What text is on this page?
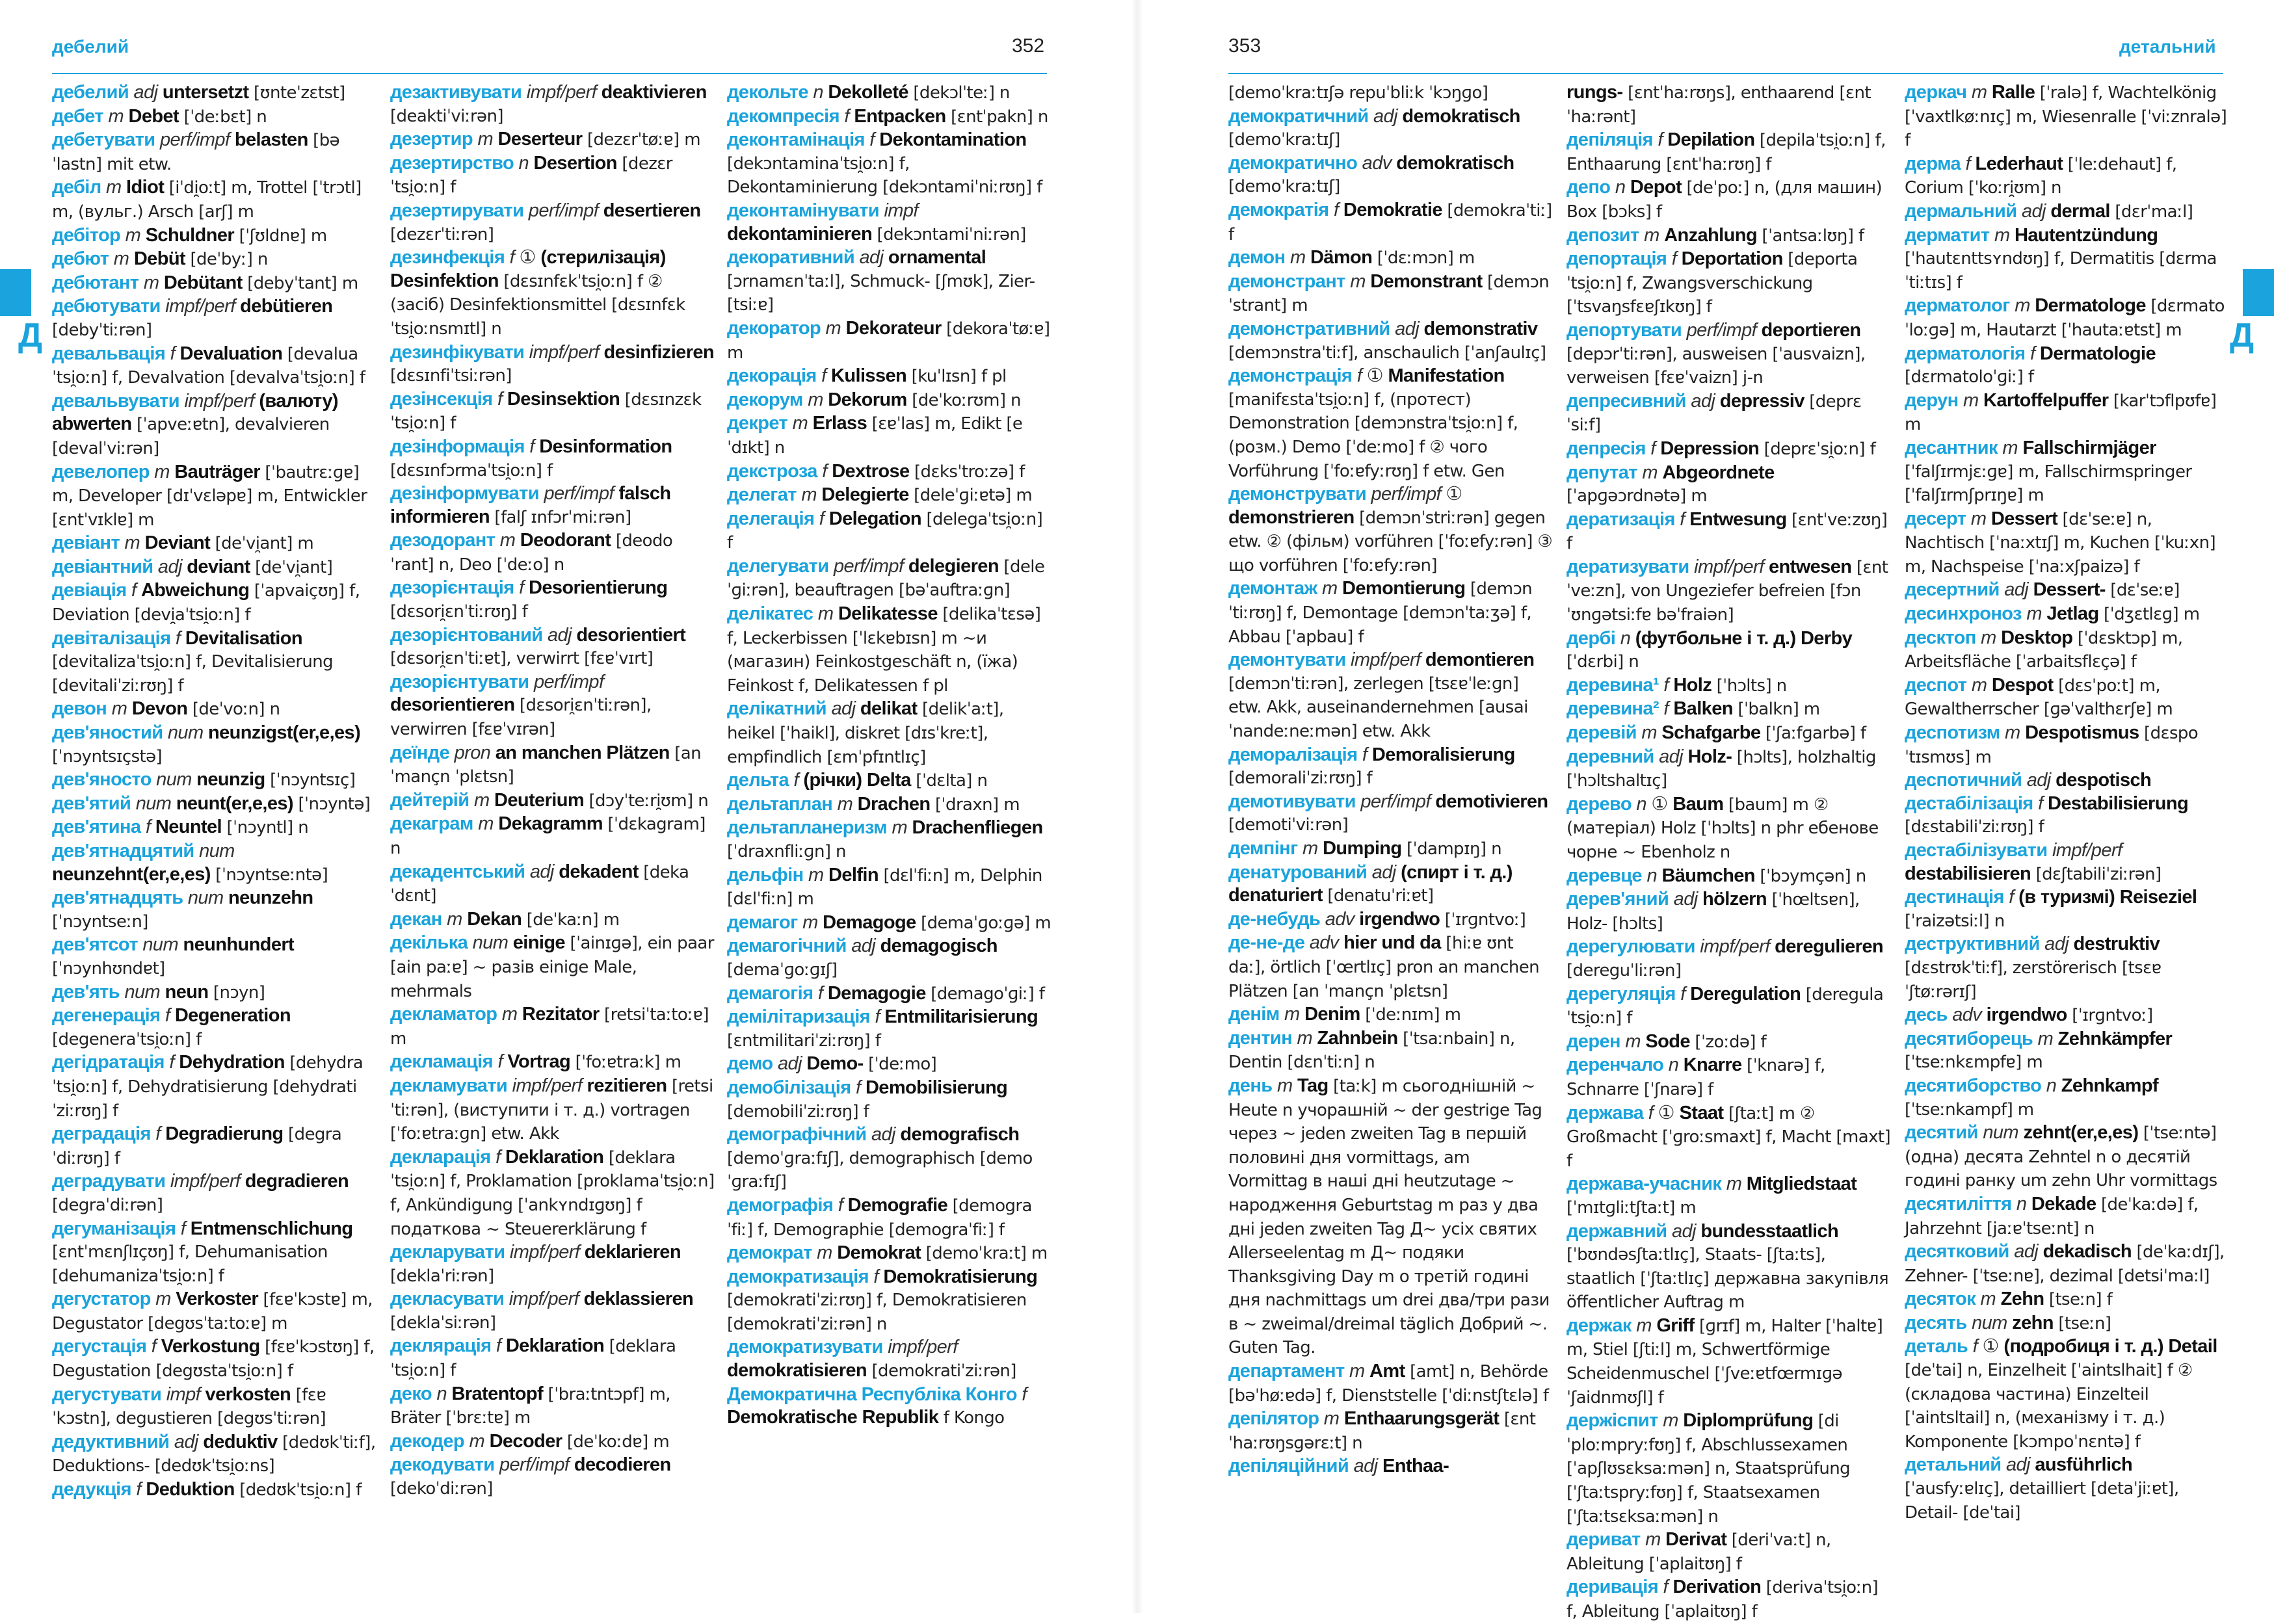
дебелий	352
Д

дебелий adj untersetzt [ʊnteˈzɛtst]

дебет m Debet [ˈdeːbɛt] n

дебетувати perf/impf belasten [bəˈlastn] mit etw.

дебіл m Idiot [iˈdi̯oːt] m, Trottel [ˈtrɔtl] m, (вульг.) Arsch [arʃ] m

дебітор m Schuldner [ˈʃʊldnɐ] m

дебют m Debüt [deˈbyː] n

дебютант m Debütant [debyˈtant] m

дебютувати impf/perf debütieren [debyˈtiːrən]

девальвація f Devaluation [devaluaˈtsi̯oːn] f, Devalvation [devalvaˈtsi̯oːn] f

девальвувати impf/perf (валюту) abwerten [ˈapveːɐtn], devalvieren [devalˈviːrən]

девелопер m Bauträger [ˈbautrɛːɡɐ] m, Developer [dɪˈvɛləpɐ] m, Entwickler [ɛntˈvɪklɐ] m

девіант m Deviant [deˈvi̯ant] m

девіантний adj deviant [deˈvi̯ant]

девіація f Abweichung [ˈapvaiçʊŋ] f, Deviation [devi̯aˈtsi̯oːn] f

девіталізація f Devitalisation [devitalizaˈtsi̯oːn] f, Devitalisierung [devitaliˈziːrʊŋ] f

девон m Devon [deˈvoːn] n

дев'яностий num neunzigst(er,e,es) [ˈnɔyntsɪçstə]

дев'яносто num neunzig [ˈnɔyntsɪç]

дев'ятий num neunt(er,e,es) [ˈnɔyntə]

дев'ятина f Neuntel [ˈnɔyntl] n

дев'ятнадцятий num neunzehnt(er,e,es) [ˈnɔyntseːntə]

дев'ятнадцять num neunzehn [ˈnɔyntseːn]

дев'ятсот num neunhundert [ˈnɔynhʊndɐt]

дев'ять num neun [nɔyn]

дегенерація f Degeneration [degeneraˈtsi̯oːn] f

дегідратація f Dehydration [dehydraˈtsi̯oːn] f, Dehydratisierung [dehydratiˈziːrʊŋ] f

деградація f Degradierung [degraˈdiːrʊŋ] f

деградувати impf/perf degradieren [degraˈdiːrən]

дегуманізація f Entmenschlichung [ɛntˈmɛnʃlɪçʊŋ] f, Dehumanisation [dehumanizaˈtsi̯oːn] f

дегустатор m Verkoster [fɛɐˈkɔstɐ] m, Degustator [degʊsˈtaːtoːɐ] m

дегустація f Verkostung [fɛɐˈkɔstʊŋ] f, Degustation [degʊstaˈtsi̯oːn] f

дегустувати impf verkosten [fɛɐˈkɔstn], degustieren [degʊsˈtiːrən]

дедуктивний adj deduktiv [dedʊkˈtiːf], Deduktions- [dedʊkˈtsi̯oːns]

дедукція f Deduktion [dedʊkˈtsi̯oːn] f

дезактивувати impf/perf deaktivieren [deaktiˈviːrən]

дезертир m Deserteur [dezɛrˈtøːɐ] m

дезертирство n Desertion [dezɛrˈtsi̯oːn] f

дезертирувати perf/impf desertieren [dezɛrˈtiːrən]

дезинфекція f ① (стерилізація) Desinfektion [dɛsɪnfɛkˈtsi̯oːn] f ② (засіб) Desinfektionsmittel [dɛsɪnfɛkˈtsi̯oːnsmɪtl] n

дезинфікувати impf/perf desinfizieren [dɛsɪnfiˈtsiːrən]

дезінсекція f Desinsektion [dɛsɪnzɛkˈtsi̯oːn] f

дезінформація f Desinformation [dɛsɪnfɔrmaˈtsi̯oːn] f

дезінформувати perf/impf falsch informieren [falʃ ɪnfɔrˈmiːrən]

дезодорант m Deodorant [deodoˈrant] n, Deo [ˈdeːo] n

дезорієнтація f Desorientierung [dɛsori̯ɛnˈtiːrʊŋ] f

дезорієнтований adj desorientiert [dɛsori̯ɛnˈtiːɐt], verwirrt [fɛɐˈvɪrt]

дезорієнтувати perf/impf desorientieren [dɛsori̯ɛnˈtiːrən], verwirren [fɛɐˈvɪrən]

деїнде pron an manchen Plätzen [an ˈmançn ˈplɛtsn]

дейтерій m Deuterium [dɔyˈteːri̯ʊm] n

декаграм m Dekagramm [ˈdɛkagram] n

декадентський adj dekadent [dekaˈdɛnt]

декан m Dekan [deˈkaːn] m

декілька num einige [ˈainɪɡə], ein paar [ain paːɐ] ~ разів einige Male, mehrmals

декламатор m Rezitator [retsiˈtaːtoːɐ] m

декламація f Vortrag [ˈfoːɐtraːk] m

декламувати impf/perf rezitieren [retsiˈtiːrən], (виступити і т. д.) vortragen [ˈfoːɐtraːɡn] etw. Akk

декларація f Deklaration [deklaraˈtsi̯oːn] f, Proklamation [proklamaˈtsi̯oːn] f, Ankündigung [ˈankʏndɪɡʊŋ] f податкова ~ Steuererklärung f

декларувати impf/perf deklarieren [deklaˈriːrən]

декласувати impf/perf deklassieren [deklaˈsiːrən]

деклярація f Deklaration [deklaraˈtsi̯oːn] f

деко n Bratentopf [ˈbraːtntɔpf] m, Bräter [ˈbrɛːtɐ] m

декодер m Decoder [deˈkoːdɐ] m

декодувати perf/impf decodieren [dekoˈdiːrən]

декольте n Dekolleté [dekɔlˈteː] n

декомпресія f Entpacken [ɛntˈpakn] n

деконтамінація f Dekontamination [dekɔntaminaˈtsi̯oːn] f, Dekontaminierung [dekɔntamiˈniːrʊŋ] f

деконтамінувати impf dekontaminieren [dekɔntamiˈniːrən]

декоративний adj ornamental [ɔrnamɛnˈtaːl], Schmuck- [ʃmʊk], Zier- [tsiːɐ]

декоратор m Dekorateur [dekoraˈtøːɐ] m

декорація f Kulissen [kuˈlɪsn] f pl

декорум m Dekorum [deˈkoːrʊm] n

декрет m Erlass [ɛɐˈlas] m, Edikt [eˈdɪkt] n

декстроза f Dextrose [dɛksˈtroːzə] f

делегат m Delegierte [deleˈɡiːɐtə] m

делегація f Delegation [delegaˈtsi̯oːn] f

делегувати perf/impf delegieren [deleˈɡiːrən], beauftragen [bəˈauftraːɡn]

делікатес m Delikatesse [delikaˈtɛsə] f, Leckerbissen [ˈlɛkɐbɪsn] m ~и (магазин) Feinkostgeschäft n, (їжа) Feinkost f, Delikatessen f pl

делікатний adj delikat [delikˈaːt], heikel [ˈhaikl], diskret [dɪsˈkreːt], empfindlich [ɛmˈpfɪntlɪç]

дельта f (річки) Delta [ˈdɛlta] n

дельтаплан m Drachen [ˈdraxn] m

дельтапланеризм m Drachenfliegen [ˈdraxnfliːɡn] n

дельфін m Delfin [dɛlˈfiːn] m, Delphin [dɛlˈfiːn] m

демагог m Demagoge [demaˈɡoːɡə] m

демагогічний adj demagogisch [demaˈɡoːɡɪʃ]

демагогія f Demagogie [demagoˈɡiː] f

демілітаризація f Entmilitarisierung [ɛntmilitariˈziːrʊŋ] f

демо adj Demo- [ˈdeːmo]

демобілізація f Demobilisierung [demobiliˈziːrʊŋ] f

демографічний adj demografisch [demoˈɡraːfɪʃ], demographisch [demoˈɡraːfɪʃ]

демографія f Demografie [demograˈfiː] f, Demographie [demograˈfiː] f

демократ m Demokrat [demoˈkraːt] m

демократизація f Demokratisierung [demokratiˈziːrʊŋ] f, Demokratisieren [demokratiˈziːrən] n

демократизувати impf/perf demokratisieren [demokratiˈziːrən]

Демократична Республіка Конго f Demokratische Republik f Kongo

353	детальний
Д

[demoˈkraːtɪʃə repuˈbliːk ˈkɔŋɡo]

демократичний adj demokratisch [demoˈkraːtɪʃ]

демократично adv demokratisch [demoˈkraːtɪʃ]

демократія f Demokratie [demokraˈtiː] f

демон m Dämon [ˈdɛːmɔn] m

демонстрант m Demonstrant [demɔnˈstrant] m

демонстративний adj demonstrativ [demɔnstraˈtiːf], anschaulich [ˈanʃaulɪç]

демонстрація f ① Manifestation [manifɛstaˈtsi̯oːn] f, (протест) Demonstration [demɔnstraˈtsi̯oːn] f, (розм.) Demo [ˈdeːmo] f ② чого Vorführung [ˈfoːɐfyːrʊŋ] f etw. Gen

демонструвати perf/impf ① demonstrieren [demɔnˈstriːrən] gegen etw. ② (фільм) vorführen [ˈfoːɐfyːrən] ③ що vorführen [ˈfoːɐfyːrən]

демонтаж m Demontierung [demɔnˈtiːrʊŋ] f, Demontage [demɔnˈtaːʒə] f, Abbau [ˈapbau] f

демонтувати impf/perf demontieren [demɔnˈtiːrən], zerlegen [tsɛɐˈleːɡn] etw. Akk, auseinandernehmen [ausaiˈnandeːneːmən] etw. Akk

деморалізація f Demoralisierung [demoraliˈziːrʊŋ] f

демотивувати perf/impf demotivieren [demotiˈviːrən]

демпінг m Dumping [ˈdampɪŋ] n

денатурований adj (спирт і т. д.) denaturiert [denatuˈriːɐt]

де-небудь adv irgendwo [ˈɪrɡntvoː]

де-не-де adv hier und da [hiːɐ ʊnt daː], örtlich [ˈœrtlɪç] pron an manchen Plätzen [an ˈmançn ˈplɛtsn]

денім m Denim [ˈdeːnɪm] m

дентин m Zahnbein [ˈtsaːnbain] n, Dentin [dɛnˈtiːn] n

день m Tag [taːk] m сьогоднішній ~ Heute n учорашній ~ der gestrige Tag через ~ jeden zweiten Tag в першій половині дня vormittags, am Vormittag в наші дні heutzutage ~ народження Geburtstag m раз у два дні jeden zweiten Tag Д~ усіх святих Allerseelentag m Д~ подяки Thanksgiving Day m о третій годині дня nachmittags um drei два/три рази в ~ zweimal/dreimal täglich Добрий ~. Guten Tag.

департамент m Amt [amt] n, Behörde [bəˈhøːɐdə] f, Dienststelle [ˈdiːnstʃtɛlə] f

депілятор m Enthaarungsgerät [ɛntˈhaːrʊŋsɡərɛːt] n

депіляційний adj Enthaa-

rungs- [ɛntˈhaːrʊŋs], enthaarend [ɛntˈhaːrənt]

депіляція f Depilation [depilaˈtsi̯oːn] f, Enthaarung [ɛntˈhaːrʊŋ] f

депо n Depot [deˈpoː] n, (для машин) Box [bɔks] f

депозит m Anzahlung [ˈantsaːlʊŋ] f

депортація f Deportation [deportaˈtsi̯oːn] f, Zwangsverschickung [ˈtsvaŋsfɛɐʃɪkʊŋ] f

депортувати perf/impf deportieren [depɔrˈtiːrən], ausweisen [ˈausvaizn], verweisen [fɛɐˈvaizn] j-n

депресивний adj depressiv [deprɛˈsiːf]

депресія f Depression [deprɛˈsi̯oːn] f

депутат m Abgeordnete [ˈapɡəɔrdnətə] m

дератизація f Entwesung [ɛntˈveːzʊŋ] f

дератизувати impf/perf entwesen [ɛntˈveːzn], von Ungeziefer befreien [fɔn ˈʊnɡətsiːfɐ bəˈfraiən]

дербі n (футбольне і т. д.) Derby [ˈdɛrbi] n

деревина¹ f Holz [ˈhɔlts] n

деревина² f Balken [ˈbalkn] m

деревій m Schafgarbe [ˈʃaːfɡarbə] f

деревний adj Holz- [hɔlts], holzhaltig [ˈhɔltshaltɪç]

дерево n ① Baum [baum] m ② (матеріал) Holz [ˈhɔlts] n phr ебенове чорне ~ Ebenholz n

деревце n Bäumchen [ˈbɔymçən] n

дерев'яний adj hölzern [ˈhœltsɐn], Holz- [hɔlts]

дерегулювати impf/perf deregulieren [dereguˈliːrən]

дерегуляція f Deregulation [deregulaˈtsi̯oːn] f

дерен m Sode [ˈzoːdə] f

деренчало n Knarre [ˈknarə] f, Schnarre [ˈʃnarə] f

держава f ① Staat [ʃtaːt] m ② Großmacht [ˈɡroːsmaxt] f, Macht [maxt] f

держава-учасник m Mitgliedstaat [ˈmɪtɡliːtʃtaːt] m

державний adj bundesstaatlich [ˈbʊndəsʃtaːtlɪç], Staats- [ʃtaːts], staatlich [ˈʃtaːtlɪç] державна закупівля öffentlicher Auftrag m

держак m Griff [ɡrɪf] m, Halter [ˈhaltɐ] m, Stiel [ʃtiːl] m, Schwertförmige Scheidenmuschel [ˈʃveːɐtfœrmɪɡə ˈʃaidnmʊʃl] f

держіспит m Diplomprüfung [diˈploːmpryːfʊŋ] f, Abschlussexamen [ˈapʃlʊsɛksaːmən] n, Staatsprüfung [ˈʃtaːtspryːfʊŋ] f, Staatsexamen [ˈʃtaːtsɛksaːmən] n

дериват m Derivat [deriˈvaːt] n, Ableitung [ˈaplaitʊŋ] f

деривація f Derivation [derivaˈtsi̯oːn] f, Ableitung [ˈaplaitʊŋ] f

деркач m Ralle [ˈralə] f, Wachtelkönig [ˈvaxtlkøːnɪç] m, Wiesenralle [ˈviːznralə] f

дерма f Lederhaut [ˈleːdehaut] f, Corium [ˈkoːri̯ʊm] n

дермальний adj dermal [dɛrˈmaːl]

дерматит m Hautentzündung [ˈhautɛnttsʏndʊŋ] f, Dermatitis [dɛrmaˈtiːtɪs] f

дерматолог m Dermatologe [dɛrmatoˈloːɡə] m, Hautarzt [ˈhautaːɐtst] m

дерматологія f Dermatologie [dɛrmatoloˈɡiː] f

дерун m Kartoffelpuffer [karˈtɔflpʊfɐ] m

десантник m Fallschirmjäger [ˈfalʃɪrmjɛːɡɐ] m, Fallschirmspringer [ˈfalʃɪrmʃprɪŋɐ] m

десерт m Dessert [dɛˈseːɐ] n, Nachtisch [ˈnaːxtɪʃ] m, Kuchen [ˈkuːxn] m, Nachspeise [ˈnaːxʃpaizə] f

десертний adj Dessert- [dɛˈseːɐ]

десинхроноз m Jetlag [ˈdʒɛtlɛɡ] m

десктоп m Desktop [ˈdɛsktɔp] m, Arbeitsfläche [ˈarbaitsflɛçə] f

деспот m Despot [dɛsˈpoːt] m, Gewaltherrscher [ɡəˈvalthɛrʃɐ] m

деспотизм m Despotismus [dɛspoˈtɪsmʊs] m

деспотичний adj despotisch

дестабілізація f Destabilisierung [dɛstabiliˈziːrʊŋ] f

дестабілізувати impf/perf destabilisieren [dɛʃtabiliˈziːrən]

дестинація f (в туризмі) Reiseziel [ˈraizətsiːl] n

деструктивний adj destruktiv [dɛstrʊkˈtiːf], zerstörerisch [tsɛɐˈʃtøːrərɪʃ]

десь adv irgendwo [ˈɪrɡntvoː]

десятиборець m Zehnkämpfer [ˈtseːnkɛmpfɐ] m

десятиборство n Zehnkampf [ˈtseːnkampf] m

десятий num zehnt(er,e,es) [ˈtseːntə] (одна) десята Zehntel n о десятій годині ранку um zehn Uhr vormittags

десятиліття n Dekade [deˈkaːdə] f, Jahrzehnt [jaːɐˈtseːnt] n

десятковий adj dekadisch [deˈkaːdɪʃ], Zehner- [ˈtseːnɐ], dezimal [detsiˈmaːl]

десяток m Zehn [tseːn] f

десять num zehn [tseːn]

деталь f ① (подробиця і т. д.) Detail [deˈtai] n, Einzelheit [ˈaintslhait] f ② (складова частина) Einzelteil [ˈaintsltail] n, (механізму і т. д.) Komponente [kɔmpoˈnɛntə] f

детальний adj ausführlich [ˈausfyːɐlɪç], detailliert [detaˈjiːɐt], Detail- [deˈtai]
